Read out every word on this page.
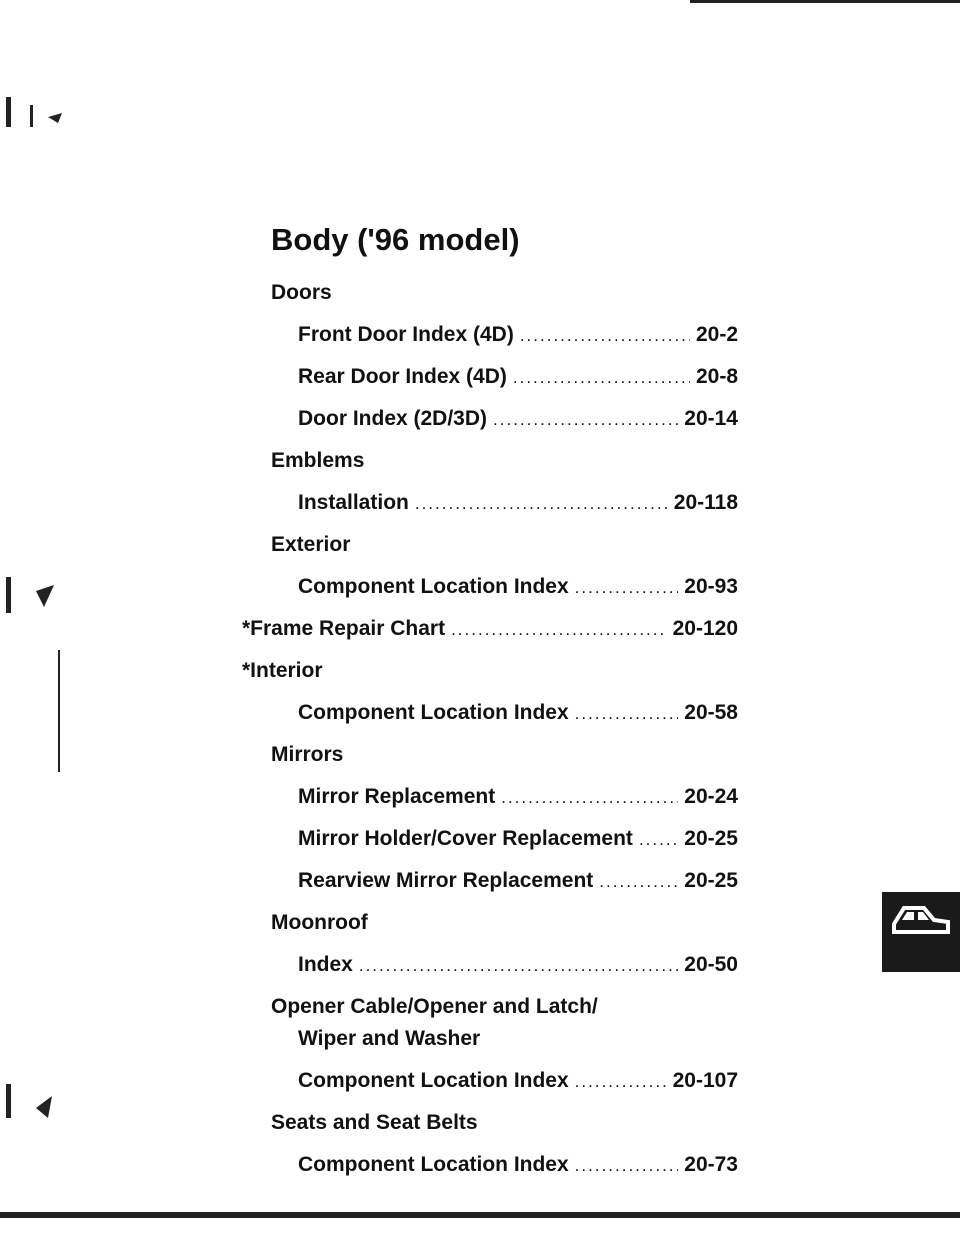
Body ('96 model)
Doors
Front Door Index (4D) .....	20-2
Rear Door Index (4D) .....	20-8
Door Index (2D/3D) .....	20-14
Emblems
Installation .....	20-118
Exterior
Component Location Index .....	20-93
*Frame Repair Chart .....	20-120
*Interior
Component Location Index .....	20-58
Mirrors
Mirror Replacement .....	20-24
Mirror Holder/Cover Replacement ..... 20-25
Rearview Mirror Replacement .....	20-25
Moonroof
Index .....	20-50
Opener Cable/Opener and Latch/
Wiper and Washer
Component Location Index .....	20-107
Seats and Seat Belts
Component Location Index .....	20-73
